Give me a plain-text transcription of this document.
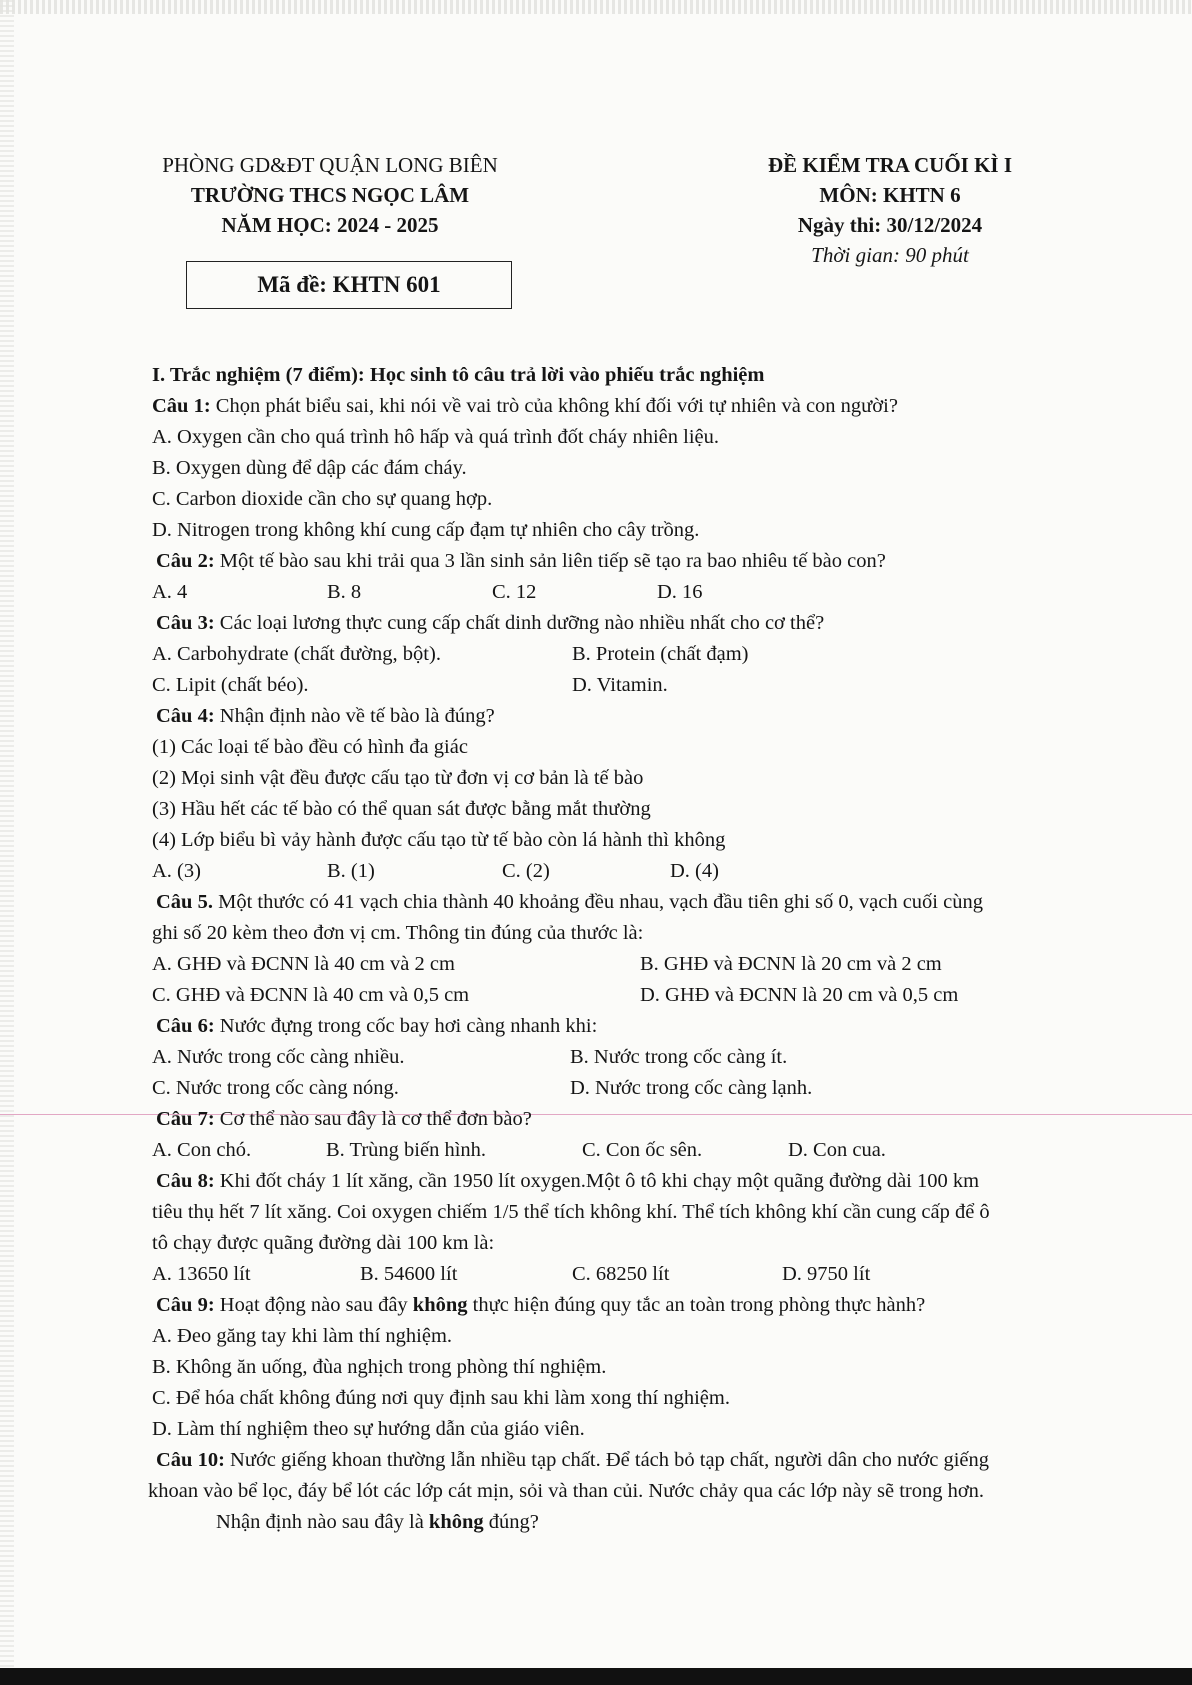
PHÒNG GD&ĐT QUẬN LONG BIÊN
TRƯỜNG THCS NGỌC LÂM
NĂM HỌC: 2024 - 2025
ĐỀ KIỂM TRA CUỐI KÌ I
MÔN: KHTN 6
Ngày thi: 30/12/2024
Thời gian: 90 phút
Mã đề: KHTN 601
I. Trắc nghiệm (7 điểm): Học sinh tô câu trả lời vào phiếu trắc nghiệm
Câu 1: Chọn phát biểu sai, khi nói về vai trò của không khí đối với tự nhiên và con người?
A. Oxygen cần cho quá trình hô hấp và quá trình đốt cháy nhiên liệu.
B. Oxygen dùng để dập các đám cháy.
C. Carbon dioxide cần cho sự quang hợp.
D. Nitrogen trong không khí cung cấp đạm tự nhiên cho cây trồng.
Câu 2: Một tế bào sau khi trải qua 3 lần sinh sản liên tiếp sẽ tạo ra bao nhiêu tế bào con?
A. 4	B. 8	C. 12	D. 16
Câu 3: Các loại lương thực cung cấp chất dinh dưỡng nào nhiều nhất cho cơ thể?
A. Carbohydrate (chất đường, bột).	B. Protein (chất đạm)
C. Lipit (chất béo).	D. Vitamin.
Câu 4: Nhận định nào về tế bào là đúng?
(1) Các loại tế bào đều có hình đa giác
(2) Mọi sinh vật đều được cấu tạo từ đơn vị cơ bản là tế bào
(3) Hầu hết các tế bào có thể quan sát được bằng mắt thường
(4) Lớp biểu bì vảy hành được cấu tạo từ tế bào còn lá hành thì không
A. (3)	B. (1)	C. (2)	D. (4)
Câu 5. Một thước có 41 vạch chia thành 40 khoảng đều nhau, vạch đầu tiên ghi số 0, vạch cuối cùng
ghi số 20 kèm theo đơn vị cm. Thông tin đúng của thước là:
A. GHĐ và ĐCNN là 40 cm và 2 cm	B. GHĐ và ĐCNN là 20 cm và 2 cm
C. GHĐ và ĐCNN là 40 cm và 0,5 cm	D. GHĐ và ĐCNN là 20 cm và 0,5 cm
Câu 6: Nước đựng trong cốc bay hơi càng nhanh khi:
A. Nước trong cốc càng nhiều.	B. Nước trong cốc càng ít.
C. Nước trong cốc càng nóng.	D. Nước trong cốc càng lạnh.
Câu 7: Cơ thể nào sau đây là cơ thể đơn bào?
A. Con chó.	B. Trùng biến hình.	C. Con ốc sên.	D. Con cua.
Câu 8: Khi đốt cháy 1 lít xăng, cần 1950 lít oxygen.Một ô tô khi chạy một quãng đường dài 100 km
tiêu thụ hết 7 lít xăng. Coi oxygen chiếm 1/5 thể tích không khí. Thể tích không khí cần cung cấp để ô
tô chạy được quãng đường dài 100 km là:
A. 13650 lít	B. 54600 lít	C. 68250 lít	D. 9750 lít
Câu 9: Hoạt động nào sau đây không thực hiện đúng quy tắc an toàn trong phòng thực hành?
A. Đeo găng tay khi làm thí nghiệm.
B. Không ăn uống, đùa nghịch trong phòng thí nghiệm.
C. Để hóa chất không đúng nơi quy định sau khi làm xong thí nghiệm.
D. Làm thí nghiệm theo sự hướng dẫn của giáo viên.
Câu 10: Nước giếng khoan thường lẫn nhiều tạp chất. Để tách bỏ tạp chất, người dân cho nước giếng
khoan vào bể lọc, đáy bể lót các lớp cát mịn, sỏi và than củi. Nước chảy qua các lớp này sẽ trong hơn.
Nhận định nào sau đây là không đúng?
